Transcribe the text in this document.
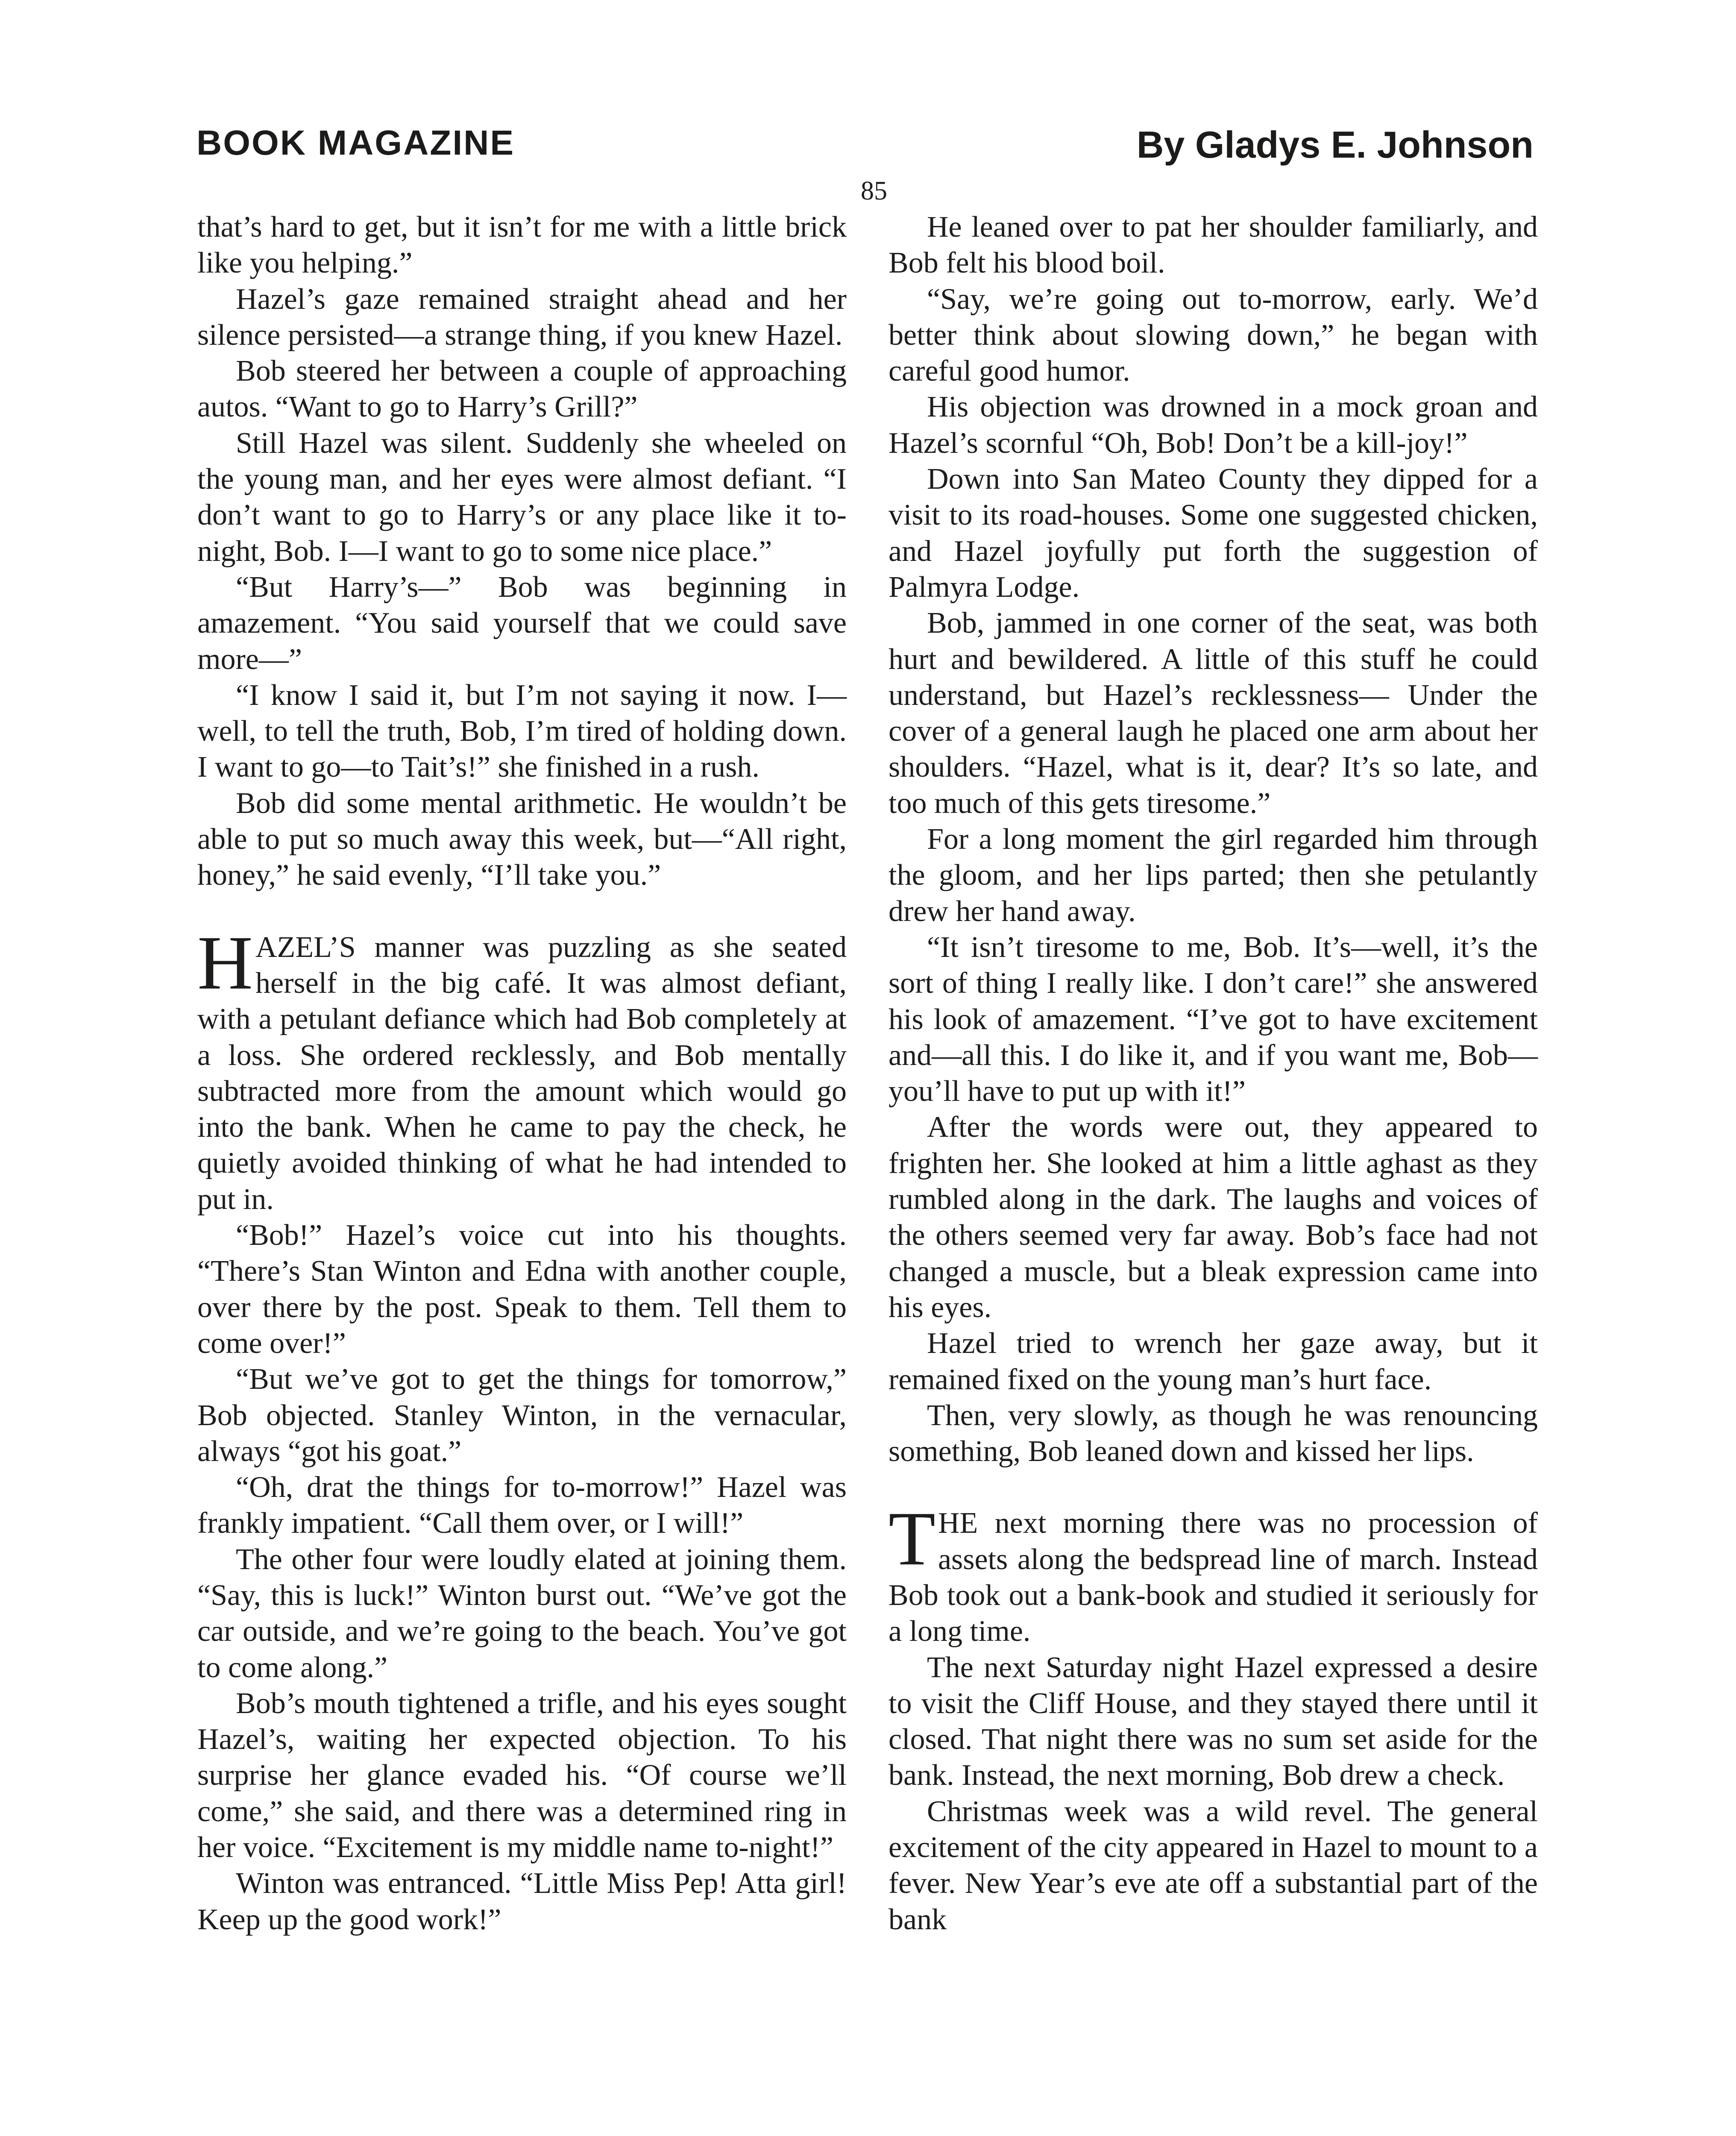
BOOK MAGAZINE	By Gladys E. Johnson
85

that’s hard to get, but it isn’t for me with a little brick like you helping.”

Hazel’s gaze remained straight ahead and her silence persisted—a strange thing, if you knew Hazel.

Bob steered her between a couple of approaching autos. “Want to go to Harry’s Grill?”

Still Hazel was silent. Suddenly she wheeled on the young man, and her eyes were almost defiant. “I don’t want to go to Harry’s or any place like it to-night, Bob. I—I want to go to some nice place.”

“But Harry’s—” Bob was beginning in amazement. “You said yourself that we could save more—”

“I know I said it, but I’m not saying it now. I—well, to tell the truth, Bob, I’m tired of holding down. I want to go—to Tait’s!” she finished in a rush.

Bob did some mental arithmetic. He wouldn’t be able to put so much away this week, but—“All right, honey,” he said evenly, “I’ll take you.”

HAZEL’S manner was puzzling as she seated herself in the big café. It was almost defiant, with a petulant defiance which had Bob completely at a loss. She ordered recklessly, and Bob mentally subtracted more from the amount which would go into the bank. When he came to pay the check, he quietly avoided thinking of what he had intended to put in.

“Bob!” Hazel’s voice cut into his thoughts. “There’s Stan Winton and Edna with another couple, over there by the post. Speak to them. Tell them to come over!”

“But we’ve got to get the things for tomorrow,” Bob objected. Stanley Winton, in the vernacular, always “got his goat.”

“Oh, drat the things for to-morrow!” Hazel was frankly impatient. “Call them over, or I will!”

The other four were loudly elated at joining them. “Say, this is luck!” Winton burst out. “We’ve got the car outside, and we’re going to the beach. You’ve got to come along.”

Bob’s mouth tightened a trifle, and his eyes sought Hazel’s, waiting her expected objection. To his surprise her glance evaded his. “Of course we’ll come,” she said, and there was a determined ring in her voice. “Excitement is my middle name to-night!”

Winton was entranced. “Little Miss Pep! Atta girl! Keep up the good work!”

He leaned over to pat her shoulder familiarly, and Bob felt his blood boil.

“Say, we’re going out to-morrow, early. We’d better think about slowing down,” he began with careful good humor.

His objection was drowned in a mock groan and Hazel’s scornful “Oh, Bob! Don’t be a kill-joy!”

Down into San Mateo County they dipped for a visit to its road-houses. Some one suggested chicken, and Hazel joyfully put forth the suggestion of Palmyra Lodge.

Bob, jammed in one corner of the seat, was both hurt and bewildered. A little of this stuff he could understand, but Hazel’s recklessness— Under the cover of a general laugh he placed one arm about her shoulders. “Hazel, what is it, dear? It’s so late, and too much of this gets tiresome.”

For a long moment the girl regarded him through the gloom, and her lips parted; then she petulantly drew her hand away.

“It isn’t tiresome to me, Bob. It’s—well, it’s the sort of thing I really like. I don’t care!” she answered his look of amazement. “I’ve got to have excitement and—all this. I do like it, and if you want me, Bob—you’ll have to put up with it!”

After the words were out, they appeared to frighten her. She looked at him a little aghast as they rumbled along in the dark. The laughs and voices of the others seemed very far away. Bob’s face had not changed a muscle, but a bleak expression came into his eyes.

Hazel tried to wrench her gaze away, but it remained fixed on the young man’s hurt face.

Then, very slowly, as though he was renouncing something, Bob leaned down and kissed her lips.

THE next morning there was no procession of assets along the bedspread line of march. Instead Bob took out a bank-book and studied it seriously for a long time.

The next Saturday night Hazel expressed a desire to visit the Cliff House, and they stayed there until it closed. That night there was no sum set aside for the bank. Instead, the next morning, Bob drew a check.

Christmas week was a wild revel. The general excitement of the city appeared in Hazel to mount to a fever. New Year’s eve ate off a substantial part of the bank
